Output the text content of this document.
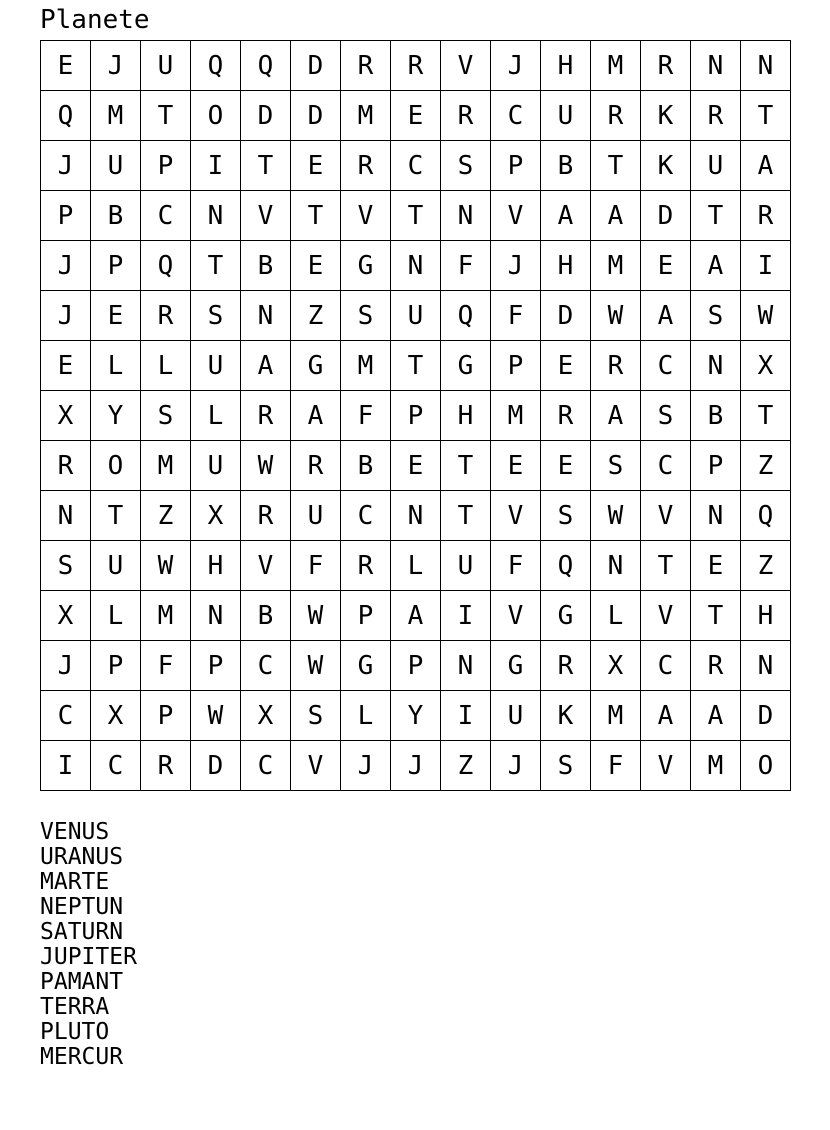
Planete
E	J	U	Q	Q	D	R	R	V	J	H	M	R	N	N
Q	M	T	O	D	D	M	E	R	C	U	R	K	R	T
J	U	P	I	T	E	R	C	S	P	B	T	K	U	A
P	B	C	N	V	T	V	T	N	V	A	A	D	T	R
J	P	Q	T	B	E	G	N	F	J	H	M	E	A	I
J	E	R	S	N	Z	S	U	Q	F	D	W	A	S	W
E	L	L	U	A	G	M	T	G	P	E	R	C	N	X
X	Y	S	L	R	A	F	P	H	M	R	A	S	B	T
R	O	M	U	W	R	B	E	T	E	E	S	C	P	Z
N	T	Z	X	R	U	C	N	T	V	S	W	V	N	Q
S	U	W	H	V	F	R	L	U	F	Q	N	T	E	Z
X	L	M	N	B	W	P	A	I	V	G	L	V	T	H
J	P	F	P	C	W	G	P	N	G	R	X	C	R	N
C	X	P	W	X	S	L	Y	I	U	K	M	A	A	D
I	C	R	D	C	V	J	J	Z	J	S	F	V	M	O
VENUS
URANUS
MARTE
NEPTUN
SATURN
JUPITER
PAMANT
TERRA
PLUTO
MERCUR
